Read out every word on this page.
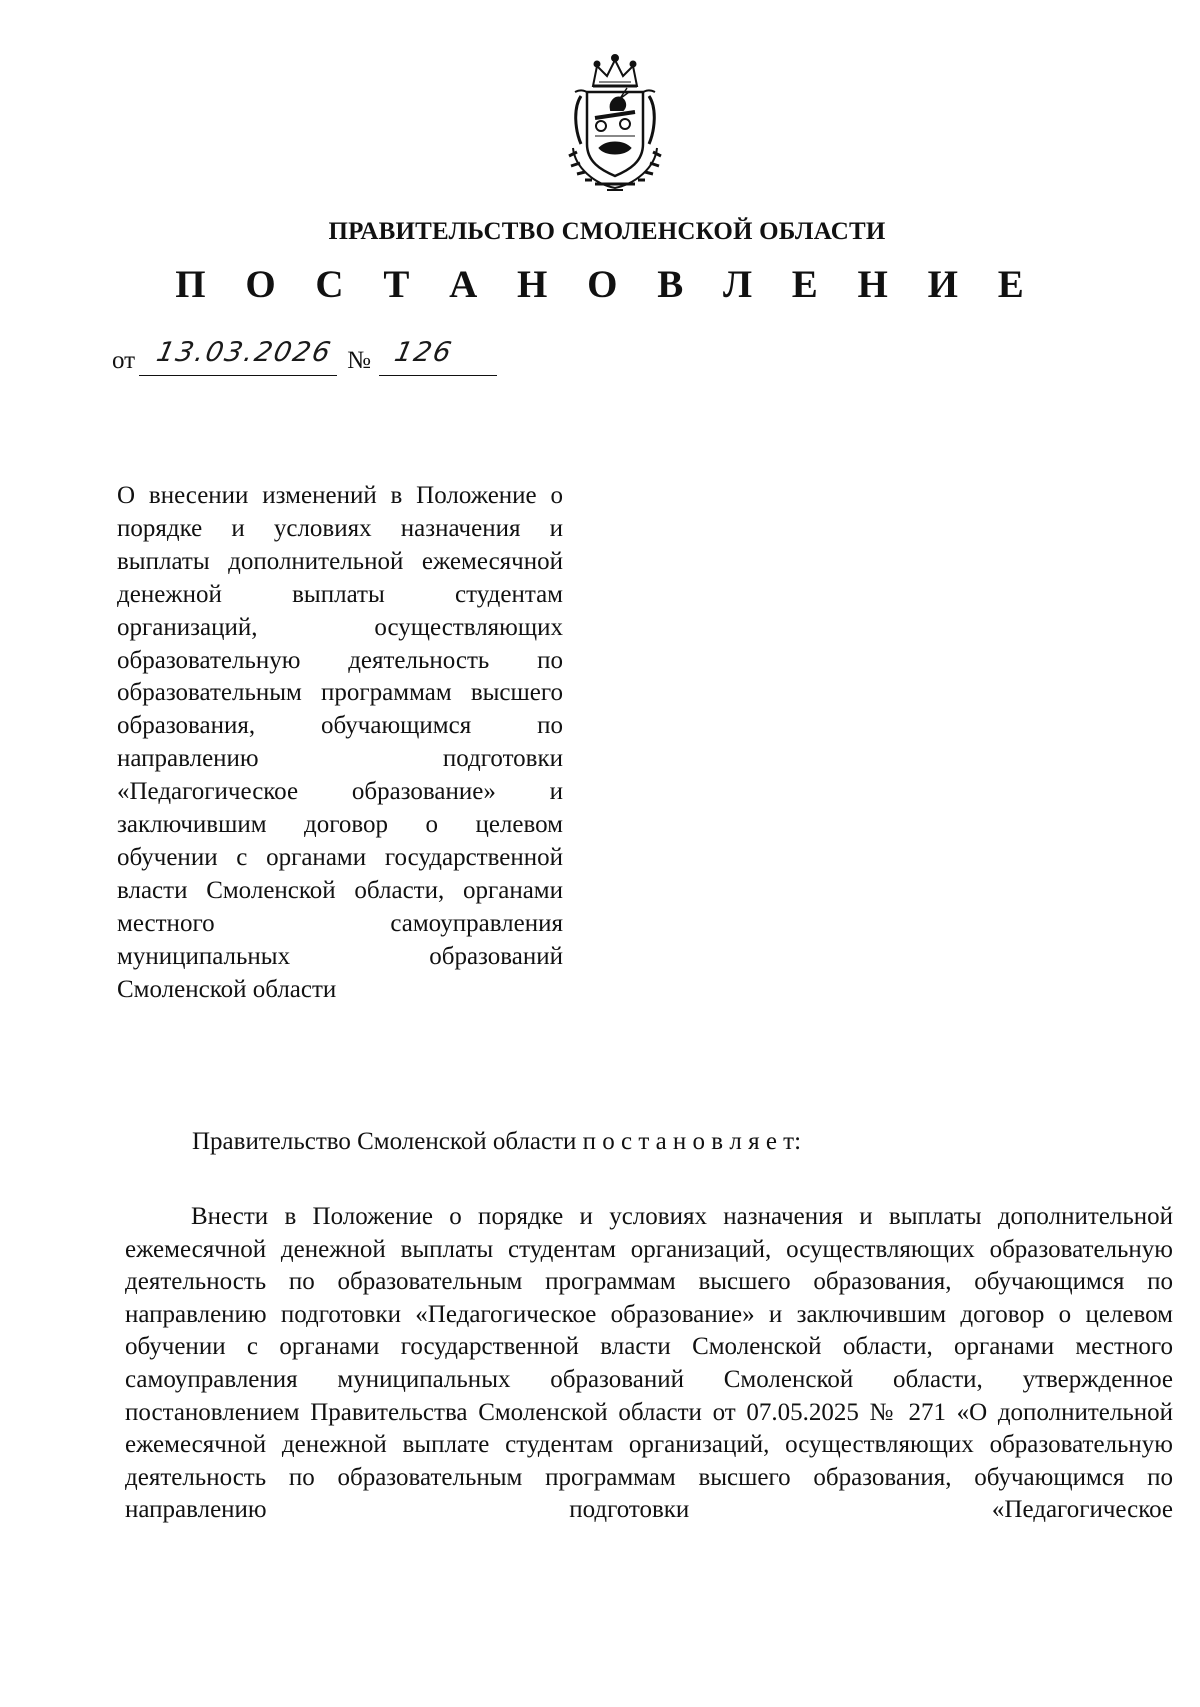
ПРАВИТЕЛЬСТВО СМОЛЕНСКОЙ ОБЛАСТИ
П О С Т А Н О В Л Е Н И Е
от 13.03.2026 № 126
О внесении изменений в Положение о порядке и условиях назначения и выплаты дополнительной ежемесячной денежной выплаты студентам организаций, осуществляющих образовательную деятельность по образовательным программам высшего образования, обучающимся по направлению подготовки «Педагогическое образование» и заключившим договор о целевом обучении с органами государственной власти Смоленской области, органами местного самоуправления муниципальных образований Смоленской области
Правительство Смоленской области п о с т а н о в л я е т:
Внести в Положение о порядке и условиях назначения и выплаты дополнительной ежемесячной денежной выплаты студентам организаций, осуществляющих образовательную деятельность по образовательным программам высшего образования, обучающимся по направлению подготовки «Педагогическое образование» и заключившим договор о целевом обучении с органами государственной власти Смоленской области, органами местного самоуправления муниципальных образований Смоленской области, утвержденное постановлением Правительства Смоленской области от 07.05.2025 № 271 «О дополнительной ежемесячной денежной выплате студентам организаций, осуществляющих образовательную деятельность по образовательным программам высшего образования, обучающимся по направлению подготовки «Педагогическое
